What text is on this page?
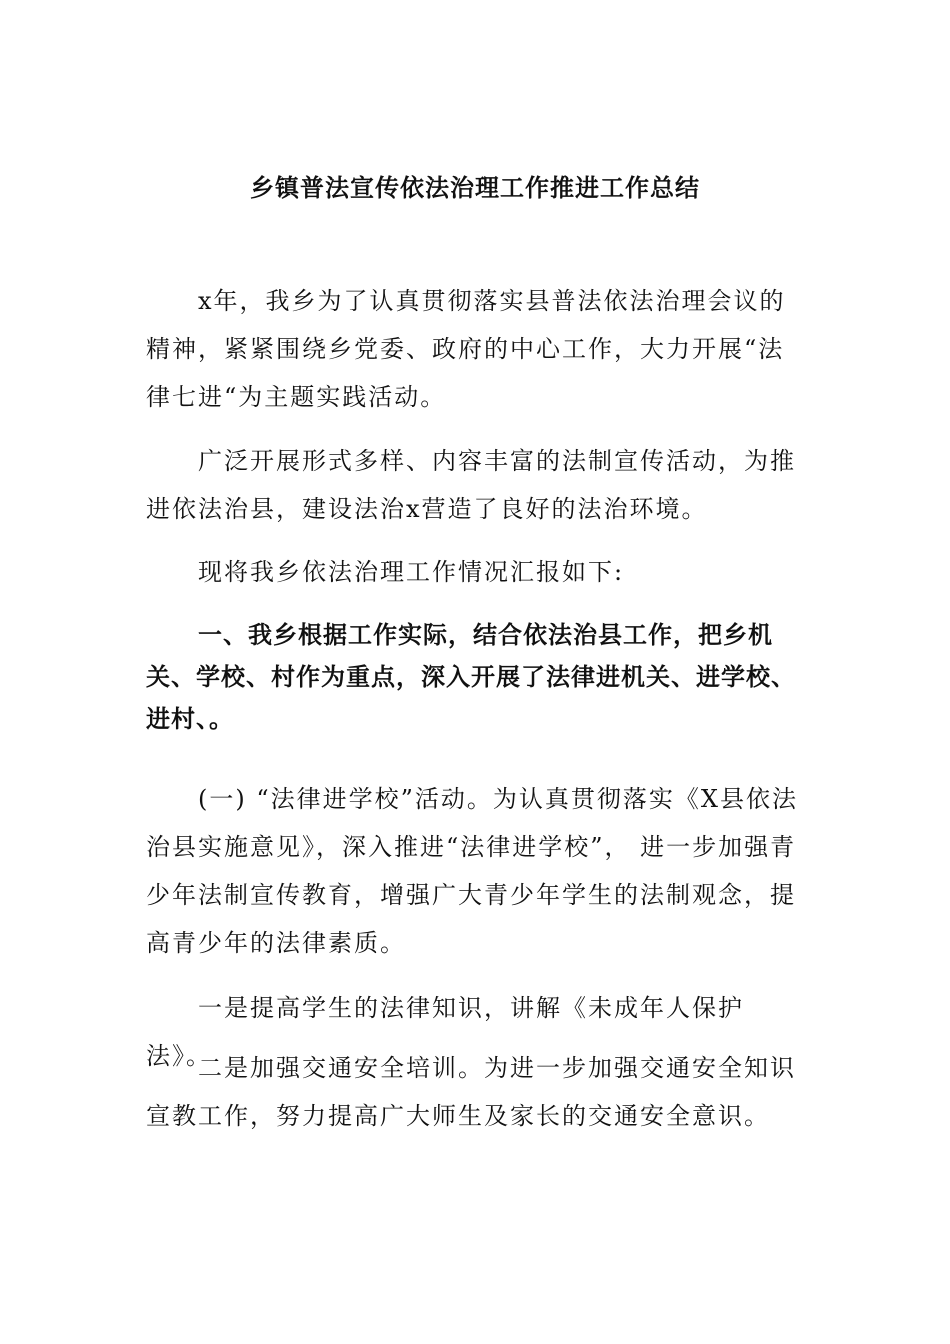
乡镇普法宣传依法治理工作推进工作总结

x年，我乡为了认真贯彻落实县普法依法治理会议的精神，紧紧围绕乡党委、政府的中心工作，大力开展“法律七进“为主题实践活动。

广泛开展形式多样、内容丰富的法制宣传活动，为推进依法治县，建设法治x营造了良好的法治环境。

现将我乡依法治理工作情况汇报如下:

一、我乡根据工作实际，结合依法治县工作，把乡机关、学校、村作为重点，深入开展了法律进机关、进学校、进村、。

(一) “法律进学校”活动。为认真贯彻落实《X县依法治县实施意见》，深入推进“法律进学校”， 进一步加强青少年法制宣传教育，增强广大青少年学生的法制观念，提高青少年的法律素质。

一是提高学生的法律知识，讲解《未成年人保护法》。

二是加强交通安全培训。为进一步加强交通安全知识宣教工作，努力提高广大师生及家长的交通安全意识。
